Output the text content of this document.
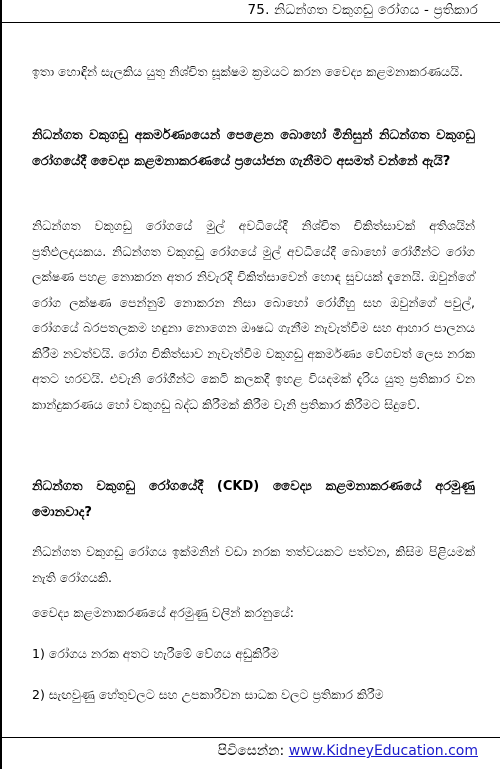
75. නිධන්ගත වකුගඩු රෝගය - ප්‍රතිකාර
ඉතා හොඳින් සැලකිය යුතු නිශ්චිත සූක්ෂම ක්‍රමයට කරන වෛද්‍ය කළමනාකරණයයි.
නිධන්ගත වකුගඩු අකර්මණ්‍යයෙන් පෙළෙන බොහෝ මිනිසුන් නිධන්ගත වකුගඩු රෝගයේදී වෛද්‍ය කළමනාකරණයේ ප්‍රයෝජන ගැනීමට අසමත් වන්නේ ඇයි?
නිධන්ගත වකුගඩු රෝගයේ මුල් අවධියේදී නිශ්චිත චිකිත්සාවක් අතිශයින් ප්‍රතිඵලදායකය. නිධන්ගත වකුගඩු රෝගයේ මුල් අවධියේදී බොහෝ රෝගීන්ට රෝග ලක්ෂණ පහළ නොකරන අතර නිවැරදි චිකිත්සාවෙන් හොඳ සුවයක් දැනෙයි. ඔවුන්ගේ රෝග ලක්ෂණ පෙන්නුම් නොකරන නිසා බොහෝ රෝගීහු සහ ඔවුන්ගේ පවුල්, රෝගයේ බරපතලකම හඳුනා නොගෙන ඖෂධ ගැනීම නැවැත්වීම සහ ආහාර පාලනය කිරීම නවත්වයි. රෝග චිකිත්සාව නැවැත්වීම වකුගඩු අකර්මණ්‍ය වේගවත් ලෙස නරක අතට හරවයි. එවැනි රෝගීන්ට කෙටි කලකදී ඉහළ වියදමක් දැරිය යුතු ප්‍රතිකාර වන කාන්දුකරණය හෝ වකුගඩු බද්ධ කිරීමක් කිරීම වැනි ප්‍රතිකාර කිරීමට සිදුවේ.
නිධන්ගත වකුගඩු රෝගයේදී (CKD) වෛද්‍ය කළමනාකරණයේ අරමුණු මොනවාද?
නිධන්ගත වකුගඩු රෝගය ඉක්මනින් වඩා නරක තත්වයකට පත්වන, කිසිම පිළියමක් නැති රෝගයකි.
වෛද්‍ය කළමනාකරණයේ අරමුණු වලින් කරනුයේ:
1) රෝගය නරක අතට හැරීමේ වේගය අඩුකිරීම
2) සැඟවුණු හේතුවලට සහ උපකාරීවන සාධක වලට ප්‍රතිකාර කිරීම
පිවිසෙන්න: www.KidneyEducation.com
